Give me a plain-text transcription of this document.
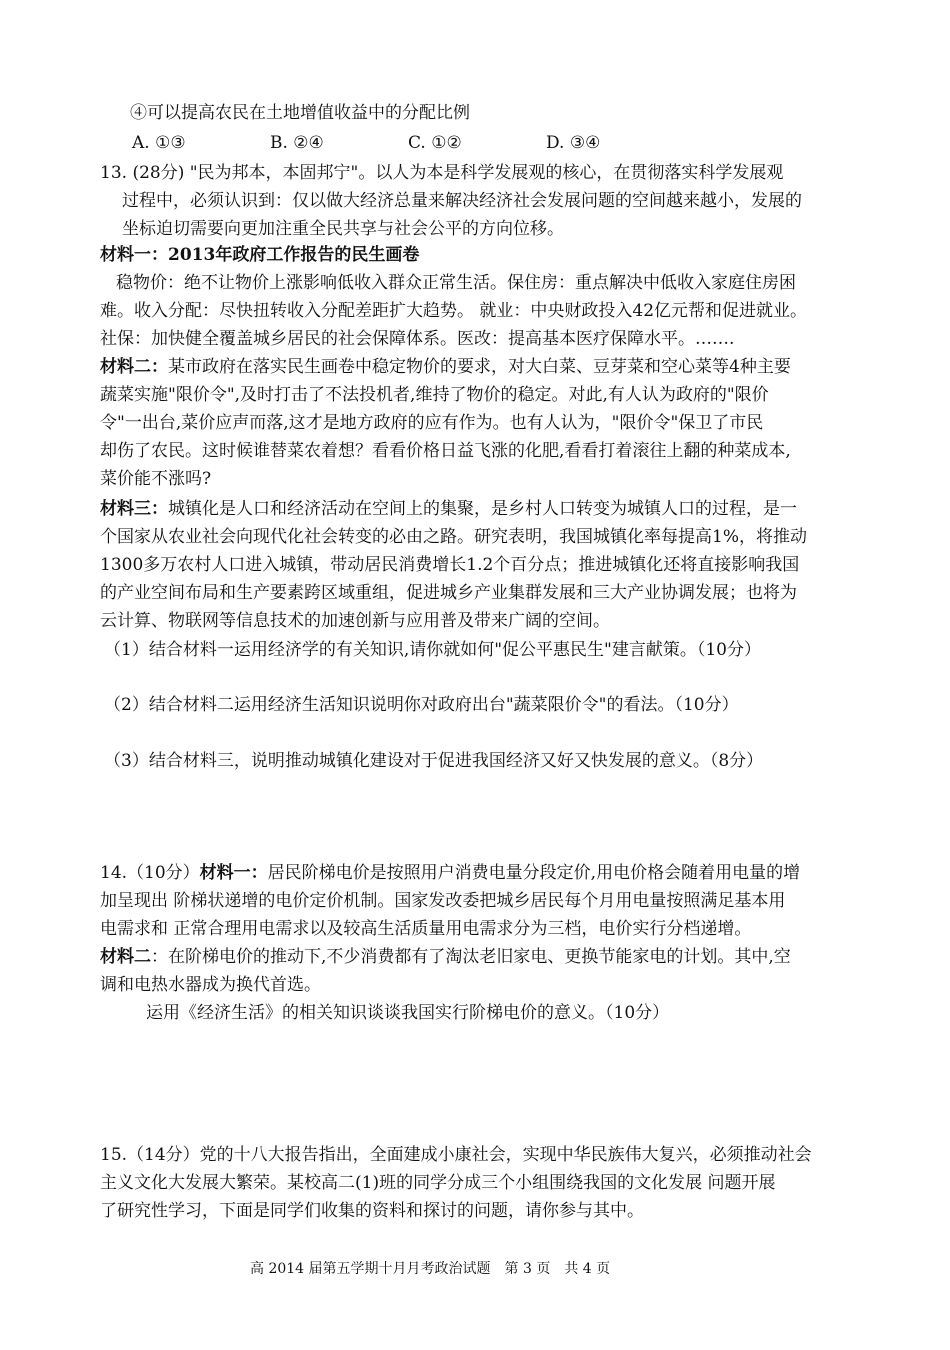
④可以提高农民在土地增值收益中的分配比例
A. ①③	B. ②④	C. ①②	D. ③④
13. (28分) "民为邦本，本固邦宁"。以人为本是科学发展观的核心，在贯彻落实科学发展观
过程中，必须认识到：仅以做大经济总量来解决经济社会发展问题的空间越来越小，发展的
坐标迫切需要向更加注重全民共享与社会公平的方向位移。
材料一：2013年政府工作报告的民生画卷
稳物价：绝不让物价上涨影响低收入群众正常生活。保住房：重点解决中低收入家庭住房困
难。收入分配：尽快扭转收入分配差距扩大趋势。 就业：中央财政投入42亿元帮和促进就业。
社保：加快健全覆盖城乡居民的社会保障体系。医改：提高基本医疗保障水平。…….
材料二：某市政府在落实民生画卷中稳定物价的要求，对大白菜、豆芽菜和空心菜等4种主要
蔬菜实施"限价令",及时打击了不法投机者,维持了物价的稳定。对此,有人认为政府的"限价
令"一出台,菜价应声而落,这才是地方政府的应有作为。也有人认为，"限价令"保卫了市民
却伤了农民。这时候谁替菜农着想？看看价格日益飞涨的化肥,看看打着滚往上翻的种菜成本,
菜价能不涨吗?
材料三：城镇化是人口和经济活动在空间上的集聚，是乡村人口转变为城镇人口的过程，是一
个国家从农业社会向现代化社会转变的必由之路。研究表明，我国城镇化率每提高1%，将推动
1300多万农村人口进入城镇，带动居民消费增长1.2个百分点；推进城镇化还将直接影响我国
的产业空间布局和生产要素跨区域重组，促进城乡产业集群发展和三大产业协调发展；也将为
云计算、物联网等信息技术的加速创新与应用普及带来广阔的空间。
（1）结合材料一运用经济学的有关知识,请你就如何"促公平惠民生"建言献策。（10分）
（2）结合材料二运用经济生活知识说明你对政府出台"蔬菜限价令"的看法。（10分）
（3）结合材料三，说明推动城镇化建设对于促进我国经济又好又快发展的意义。（8分）
14.（10分）材料一：居民阶梯电价是按照用户消费电量分段定价,用电价格会随着用电量的增
加呈现出 阶梯状递增的电价定价机制。国家发改委把城乡居民每个月用电量按照满足基本用
电需求和 正常合理用电需求以及较高生活质量用电需求分为三档，电价实行分档递增。
材料二：在阶梯电价的推动下,不少消费都有了淘汰老旧家电、更换节能家电的计划。其中,空
调和电热水器成为换代首选。
运用《经济生活》的相关知识谈谈我国实行阶梯电价的意义。（10分）
15.（14分）党的十八大报告指出，全面建成小康社会，实现中华民族伟大复兴，必须推动社会
主义文化大发展大繁荣。某校高二(1)班的同学分成三个小组围绕我国的文化发展 问题开展
了研究性学习，下面是同学们收集的资料和探讨的问题，请你参与其中。
高 2014 届第五学期十月月考政治试题　第 3 页　共 4 页
